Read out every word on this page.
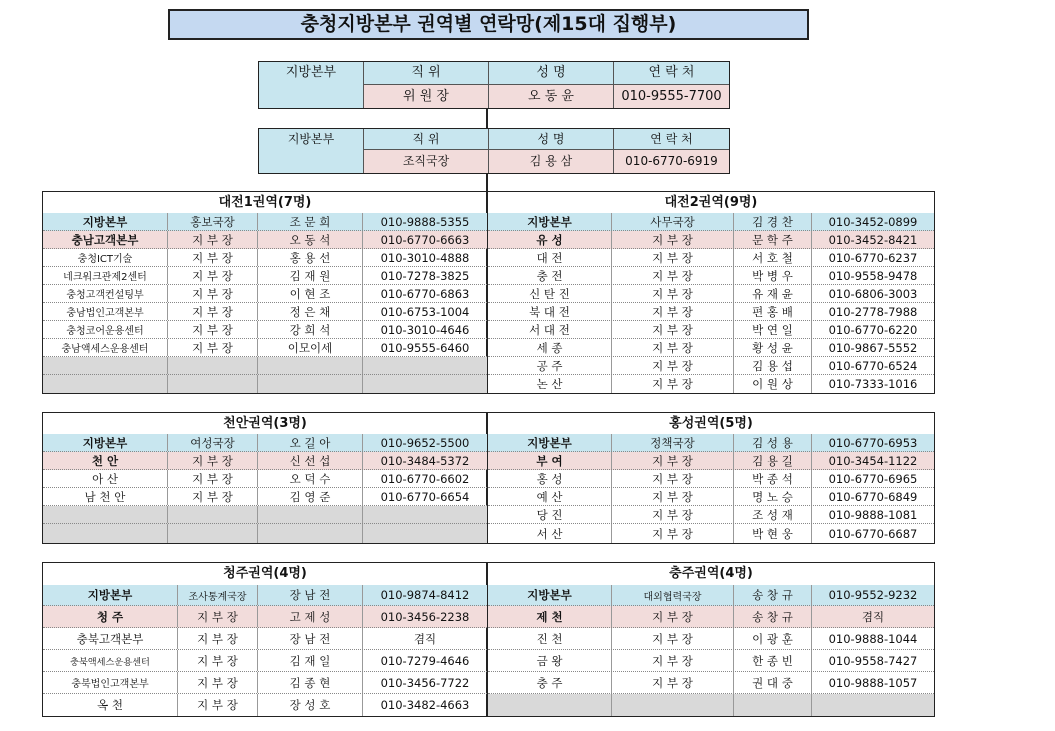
충청지방본부 권역별 연락망(제15대 집행부)
지방본부	직 위	성 명	연 락 처
위 원 장	오 동 윤	010-9555-7700
지방본부	직 위	성 명	연 락 처
조직국장	김 용 삼	010-6770-6919
대전1권역(7명)
지방본부	홍보국장	조 문 희	010-9888-5355
충남고객본부	지 부 장	오 동 석	010-6770-6663
충청ICT기술	지 부 장	홍 용 선	010-3010-4888
네크워크관제2센터	지 부 장	김 재 원	010-7278-3825
충청고객컨설팅부	지 부 장	이 현 조	010-6770-6863
충남법인고객본부	지 부 장	정 은 채	010-6753-1004
충청코어운용센터	지 부 장	강 희 석	010-3010-4646
충남액세스운용센터	지 부 장	이모이세	010-9555-6460
대전2권역(9명)
지방본부	사무국장	김 경 찬	010-3452-0899
유 성	지 부 장	문 학 주	010-3452-8421
대 전	지 부 장	서 호 철	010-6770-6237
충 전	지 부 장	박 병 우	010-9558-9478
신 탄 진	지 부 장	유 재 윤	010-6806-3003
북 대 전	지 부 장	편 홍 배	010-2778-7988
서 대 전	지 부 장	박 연 일	010-6770-6220
세 종	지 부 장	황 성 윤	010-9867-5552
공 주	지 부 장	김 용 섭	010-6770-6524
논 산	지 부 장	이 원 상	010-7333-1016
천안권역(3명)
지방본부	여성국장	오 길 아	010-9652-5500
천 안	지 부 장	신 선 섭	010-3484-5372
아 산	지 부 장	오 덕 수	010-6770-6602
남 천 안	지 부 장	김 영 준	010-6770-6654
홍성권역(5명)
지방본부	정책국장	김 성 용	010-6770-6953
부 여	지 부 장	김 용 길	010-3454-1122
홍 성	지 부 장	박 종 석	010-6770-6965
예 산	지 부 장	명 노 승	010-6770-6849
당 진	지 부 장	조 성 재	010-9888-1081
서 산	지 부 장	박 현 웅	010-6770-6687
청주권역(4명)
지방본부	조사통계국장	장 남 전	010-9874-8412
청 주	지 부 장	고 제 성	010-3456-2238
충북고객본부	지 부 장	장 남 전	겸직
충북액세스운용센터	지 부 장	김 재 일	010-7279-4646
충북법인고객본부	지 부 장	김 종 현	010-3456-7722
옥 천	지 부 장	장 성 호	010-3482-4663
충주권역(4명)
지방본부	대외협력국장	송 창 규	010-9552-9232
제 천	지 부 장	송 창 규	겸직
진 천	지 부 장	이 광 훈	010-9888-1044
금 왕	지 부 장	한 종 빈	010-9558-7427
충 주	지 부 장	권 대 중	010-9888-1057
